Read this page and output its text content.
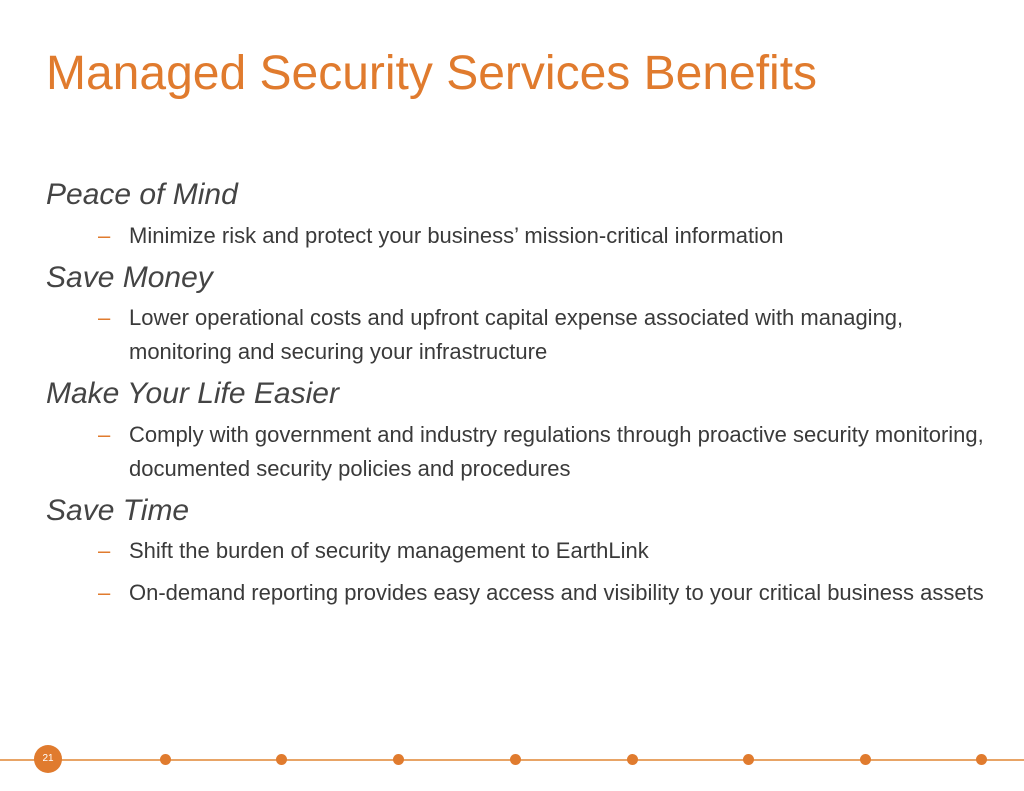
Managed Security Services Benefits
Peace of Mind
– Minimize risk and protect your business’ mission-critical information
Save Money
– Lower operational costs and upfront capital expense associated with managing, monitoring and securing your infrastructure
Make Your Life Easier
– Comply with government and industry regulations through proactive security monitoring, documented security policies and procedures
Save Time
– Shift the burden of security management to EarthLink
– On-demand reporting provides easy access and visibility to your critical business assets
21
